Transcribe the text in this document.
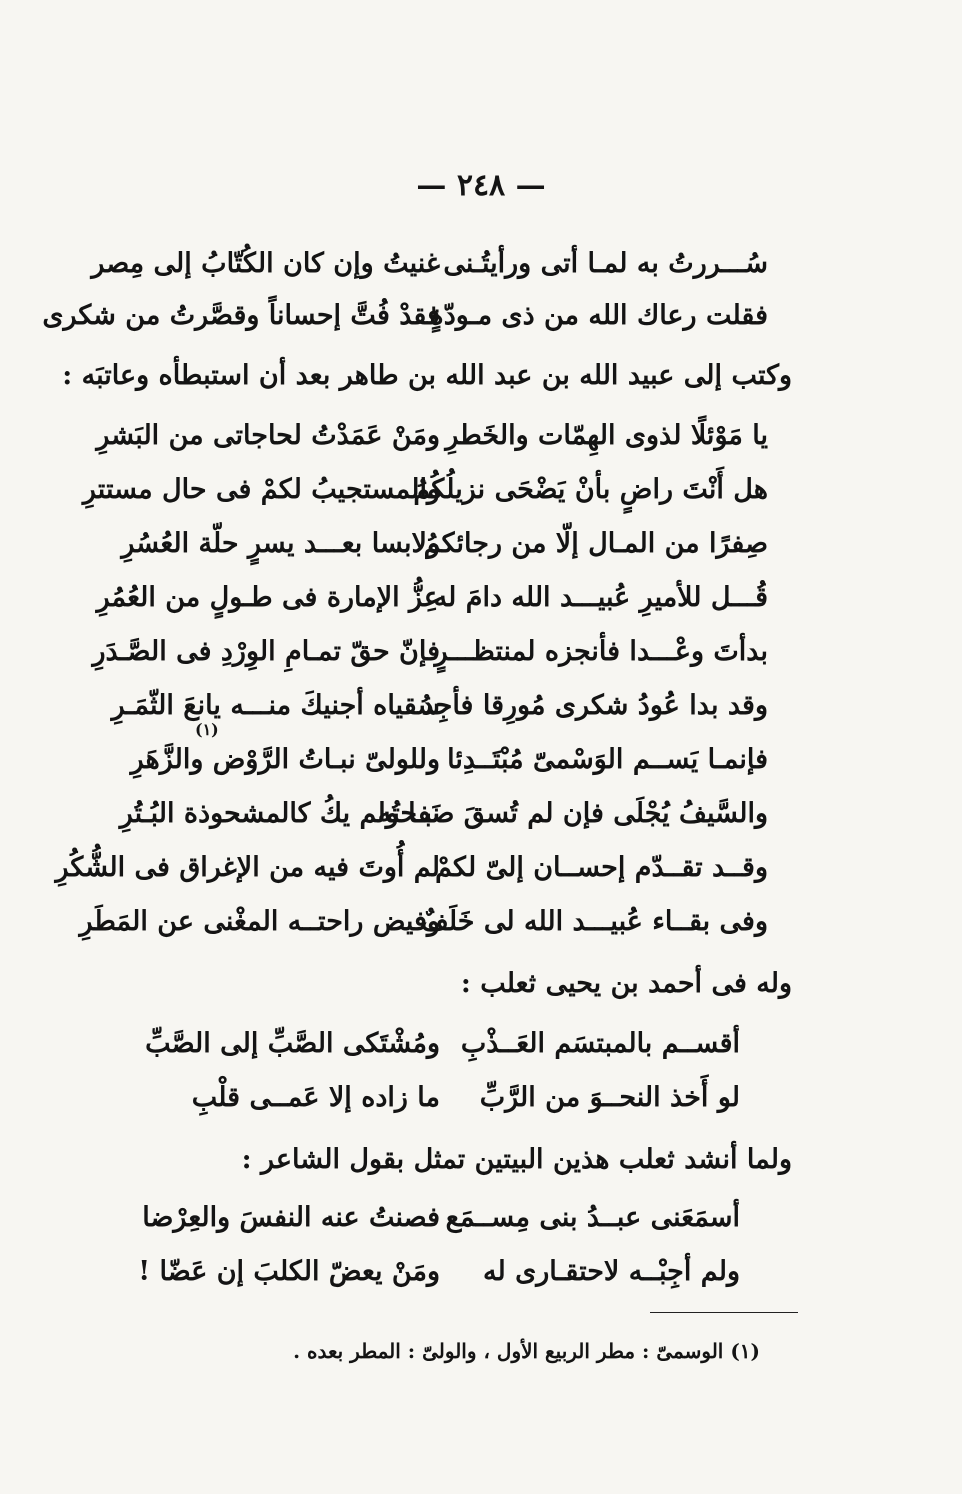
— ٢٤٨ —
سُـــررتُ به لمـا أتى ورأيتُـنى
غنيتُ وإن كان الكُتّابُ إلى مِصر
فقلت رعاك الله من ذى مـودّةٍ
فقدْ فُتَّ إحساناً وقصَّرتُ من شكرى
وكتب إلى عبيد الله بن عبد الله بن طاهر بعد أن استبطأه وعاتبَه :
يا مَوْئلًا لذوى الهِمّات والخَطرِ
ومَنْ عَمَدْتُ لحاجاتى من البَشرِ
هل أَنْتَ راضٍ بأنْ يَضْحَى نزيلُكُمُ
والمستجيبُ لكمْ فى حال مستترِ
صِفرًا من المـال إلّا من رجائكمُ
ولابسا بعـــد يسرٍ حلّة العُسُرِ
قُـــل للأميرِ عُبيـــد الله دامَ له
عِزُّ الإمارة فى طـولٍ من العُمُرِ
بدأتَ وعْـــدا فأنجزه لمنتظـــرٍ
فإنّ حقّ تمـامِ الوِرْدِ فى الصَّـدَرِ
وقد بدا عُودُ شكرى مُورِقا فأجِد
سُقياه أجنيكَ منـــه يانعَ الثّمَـرِ
(١)
فإنمـا يَســم الوَسْمىّ مُبْتَــدِئا
وللولىّ نبـاتُ الرَّوْض والزَّهَرِ
والسَّيفُ يُجْلَى فإن لم تُسقَ صفحتُه
نَبـا ولم يكُ كالمشحوذة البُـتُرِ
وقــد تقــدّم إحســان إلىّ لكمْ
لم أُوتَ فيه من الإغراق فى الشُّكُرِ
وفى بقــاء عُبيـــد الله لى خَلَفٌ
وفيض راحتــه المغْنى عن المَطَرِ
وله فى أحمد بن يحيى ثعلب :
أقســم بالمبتسَم العَــذْبِ
ومُشْتَكى الصَّبِّ إلى الصَّبِّ
لو أَخذ النحــوَ من الرَّبِّ
ما زاده إلا عَمــى قلْبِ
ولما أنشد ثعلب هذين البيتين تمثل بقول الشاعر :
أسمَعَنى عبــدُ بنى مِســمَع
فصنتُ عنه النفسَ والعِرْضا
ولم أجِبْــه لاحتقـارى له
ومَنْ يعضّ الكلبَ إن عَضّا !
(١) الوسمىّ : مطر الربيع الأول ، والولىّ : المطر بعده .
